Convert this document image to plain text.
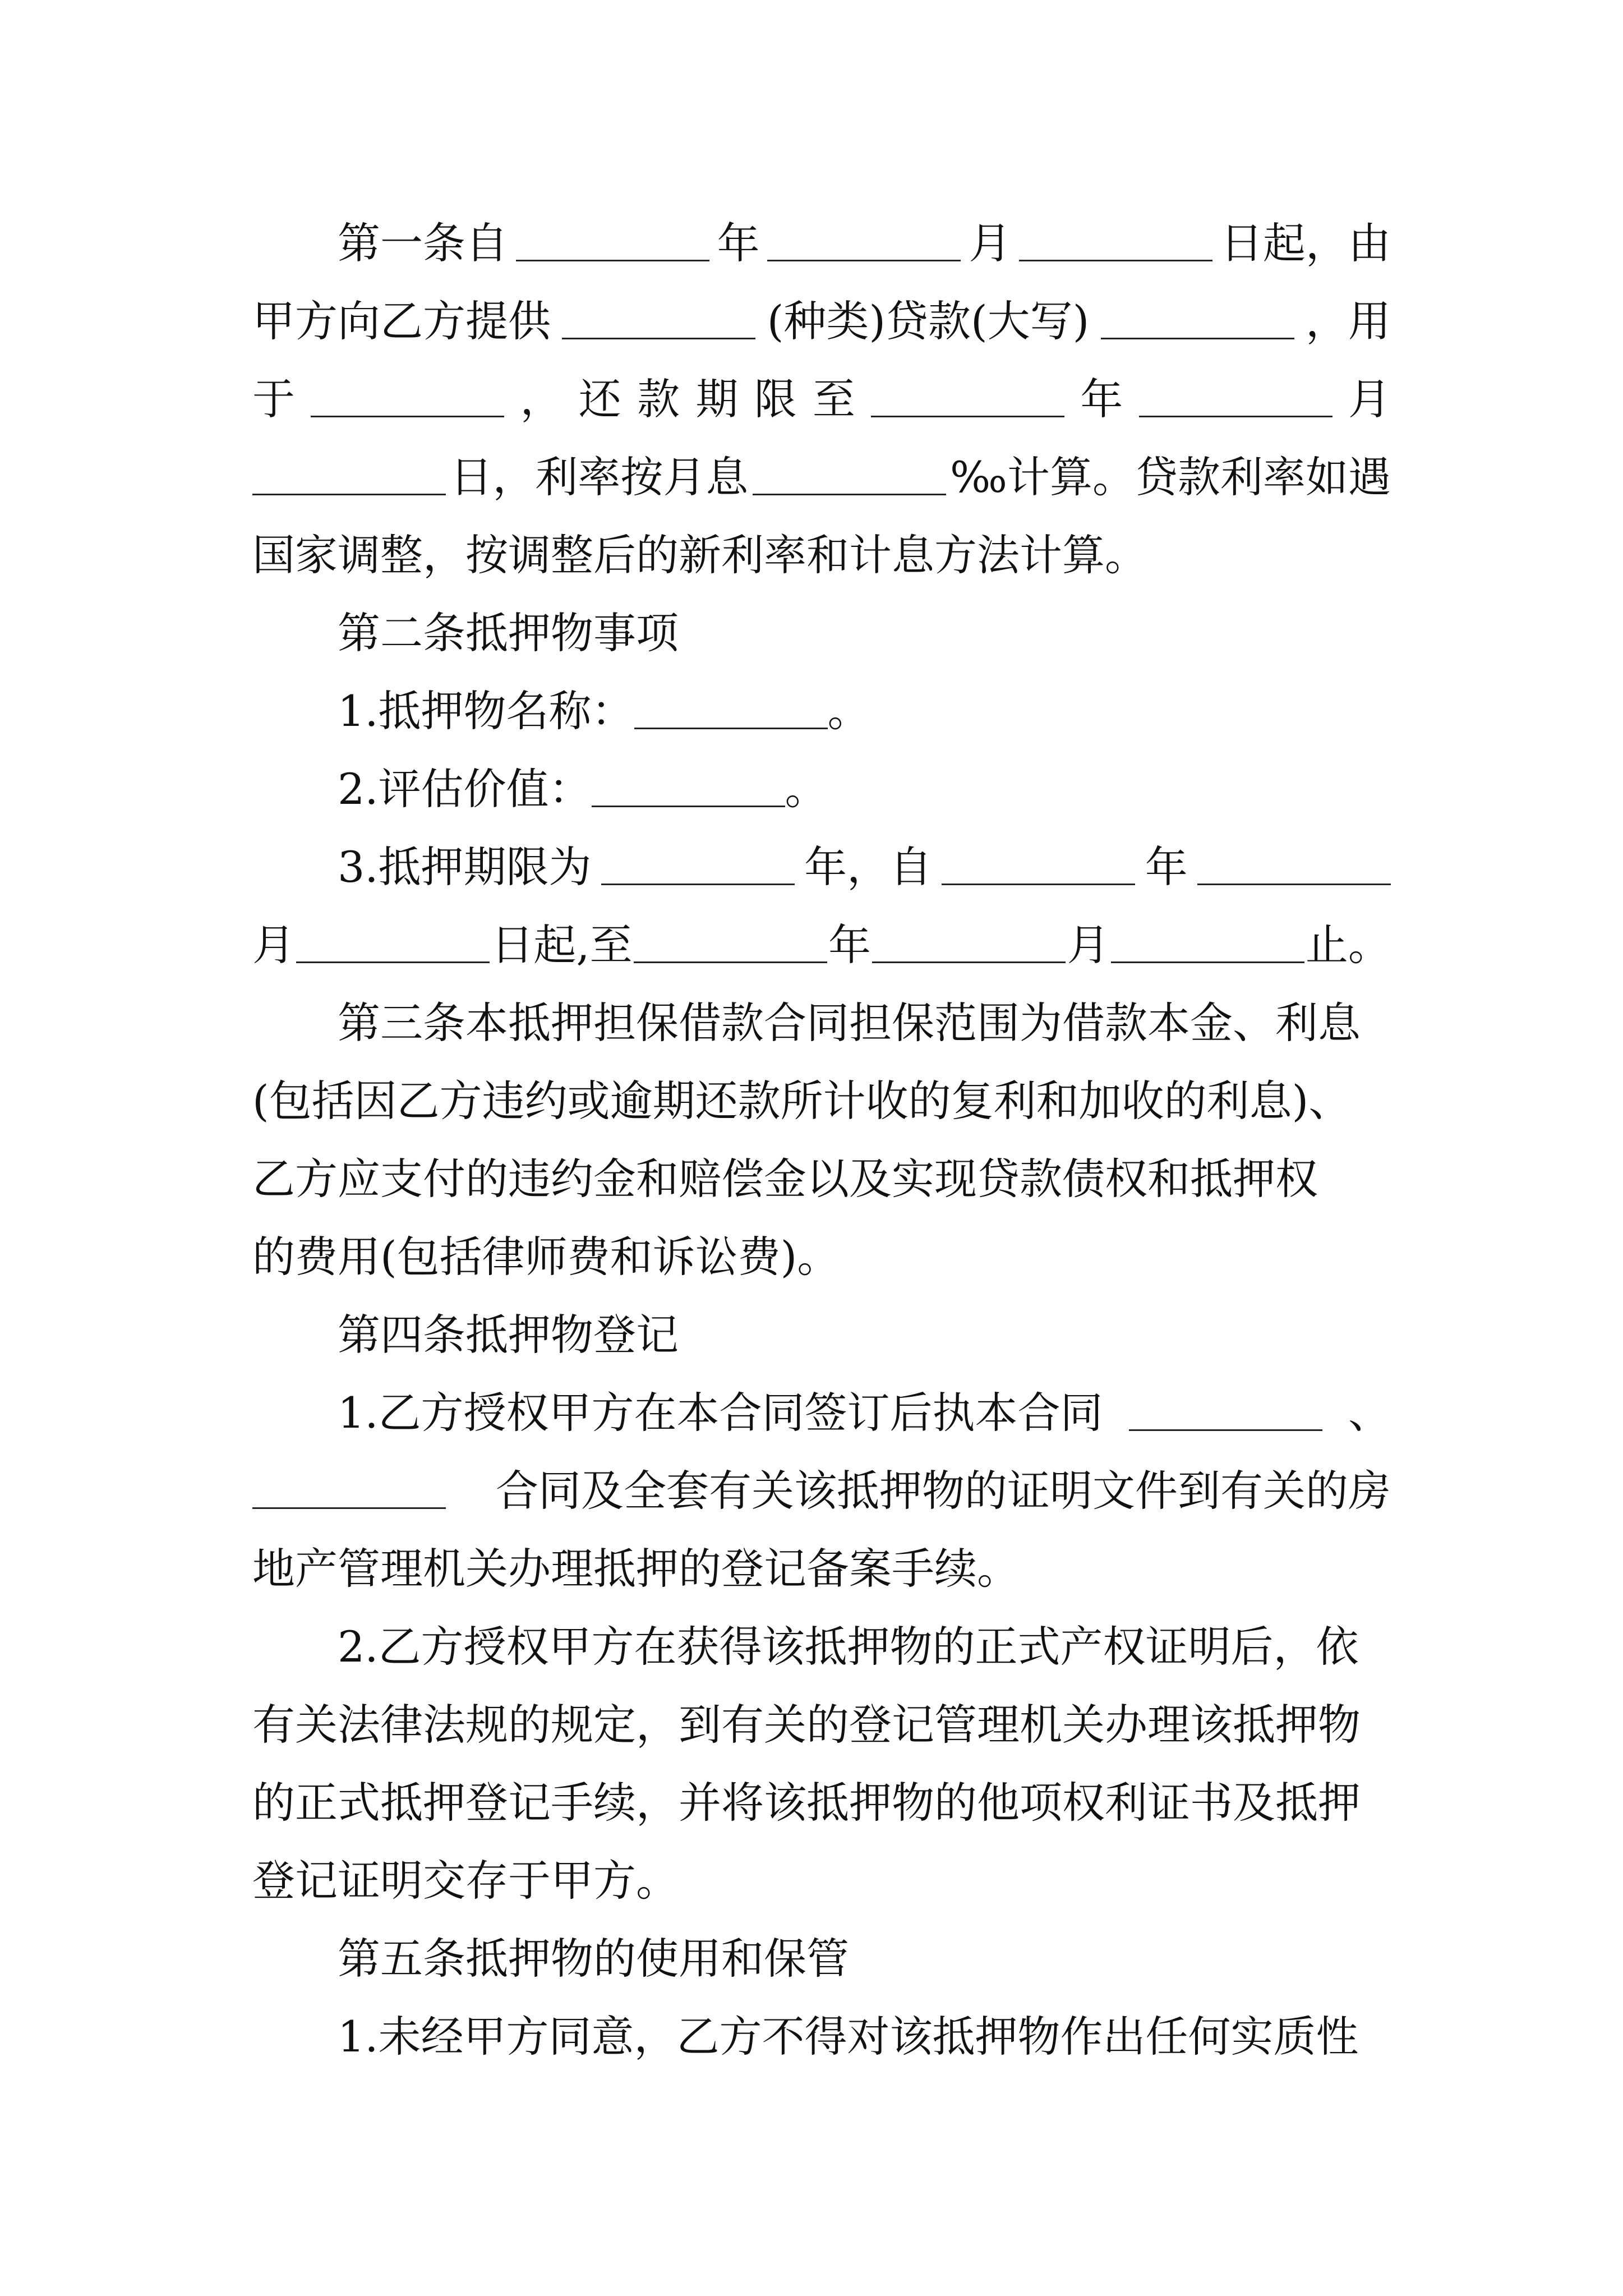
第一条自	年	月	日起，由
甲方向乙方提供	(种类)贷款(大写)	，用
于	， 还 款 期 限 至	年	月
日，利率按月息	‰计算。贷款利率如遇
国家调整，按调整后的新利率和计息方法计算。
第二条抵押物事项
1.抵押物名称：	。
2.评估价值：	。
3.抵押期限为	年，自	年
月	日起,至	年	月	止。
第三条本抵押担保借款合同担保范围为借款本金、利息
(包括因乙方违约或逾期还款所计收的复利和加收的利息)、
乙方应支付的违约金和赔偿金以及实现贷款债权和抵押权
的费用(包括律师费和诉讼费)。
第四条抵押物登记
1.乙方授权甲方在本合同签订后执本合同	、
合同及全套有关该抵押物的证明文件到有关的房
地产管理机关办理抵押的登记备案手续。
2.乙方授权甲方在获得该抵押物的正式产权证明后，依
有关法律法规的规定，到有关的登记管理机关办理该抵押物
的正式抵押登记手续，并将该抵押物的他项权利证书及抵押
登记证明交存于甲方。
第五条抵押物的使用和保管
1.未经甲方同意，乙方不得对该抵押物作出任何实质性
